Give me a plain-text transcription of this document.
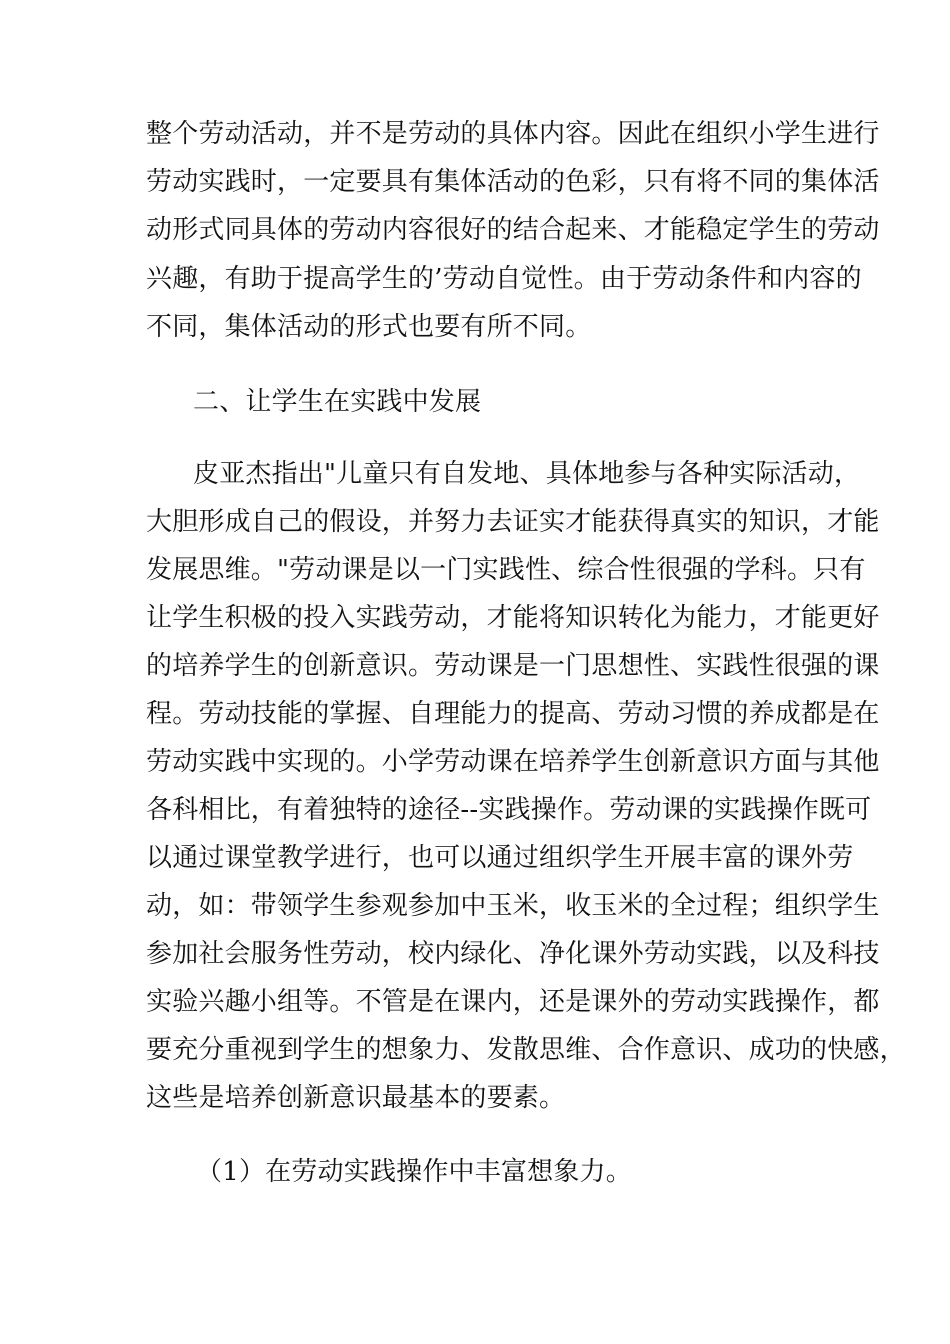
整个劳动活动，并不是劳动的具体内容。因此在组织小学生进行
劳动实践时，一定要具有集体活动的色彩，只有将不同的集体活
动形式同具体的劳动内容很好的结合起来、才能稳定学生的劳动
兴趣，有助于提高学生的’劳动自觉性。由于劳动条件和内容的
不同，集体活动的形式也要有所不同。
二、让学生在实践中发展
皮亚杰指出"儿童只有自发地、具体地参与各种实际活动，
大胆形成自己的假设，并努力去证实才能获得真实的知识，才能
发展思维。"劳动课是以一门实践性、综合性很强的学科。只有
让学生积极的投入实践劳动，才能将知识转化为能力，才能更好
的培养学生的创新意识。劳动课是一门思想性、实践性很强的课
程。劳动技能的掌握、自理能力的提高、劳动习惯的养成都是在
劳动实践中实现的。小学劳动课在培养学生创新意识方面与其他
各科相比，有着独特的途径--实践操作。劳动课的实践操作既可
以通过课堂教学进行，也可以通过组织学生开展丰富的课外劳
动，如：带领学生参观参加中玉米，收玉米的全过程；组织学生
参加社会服务性劳动，校内绿化、净化课外劳动实践，以及科技
实验兴趣小组等。不管是在课内，还是课外的劳动实践操作，都
要充分重视到学生的想象力、发散思维、合作意识、成功的快感，
这些是培养创新意识最基本的要素。
（1）在劳动实践操作中丰富想象力。
